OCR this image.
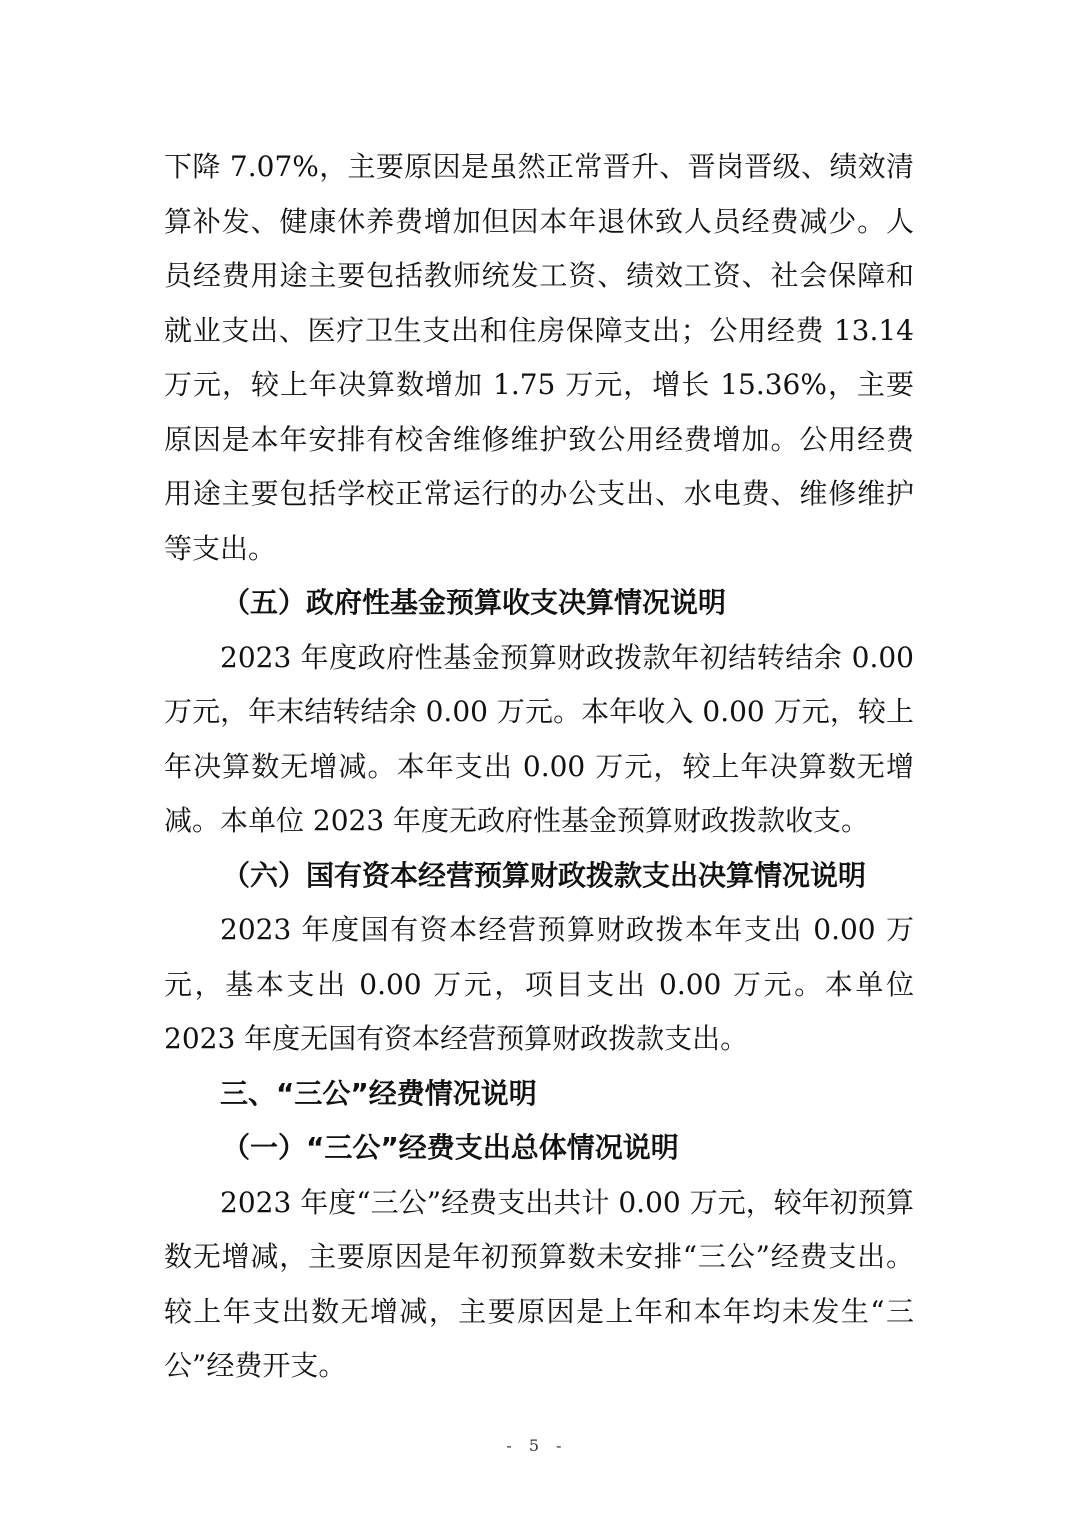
下降 7.07%，主要原因是虽然正常晋升、晋岗晋级、绩效清算补发、健康休养费增加但因本年退休致人员经费减少。人员经费用途主要包括教师统发工资、绩效工资、社会保障和就业支出、医疗卫生支出和住房保障支出；公用经费 13.14 万元，较上年决算数增加 1.75 万元，增长 15.36%，主要原因是本年安排有校舍维修维护致公用经费增加。公用经费用途主要包括学校正常运行的办公支出、水电费、维修维护等支出。

（五）政府性基金预算收支决算情况说明

2023 年度政府性基金预算财政拨款年初结转结余 0.00 万元，年末结转结余 0.00 万元。本年收入 0.00 万元，较上年决算数无增减。本年支出 0.00 万元，较上年决算数无增减。本单位 2023 年度无政府性基金预算财政拨款收支。

（六）国有资本经营预算财政拨款支出决算情况说明

2023 年度国有资本经营预算财政拨本年支出 0.00 万元，基本支出 0.00 万元，项目支出 0.00 万元。本单位 2023 年度无国有资本经营预算财政拨款支出。

三、“三公”经费情况说明

（一）“三公”经费支出总体情况说明

2023 年度“三公”经费支出共计 0.00 万元，较年初预算数无增减，主要原因是年初预算数未安排“三公”经费支出。较上年支出数无增减，主要原因是上年和本年均未发生“三公”经费开支。

- 5 -
